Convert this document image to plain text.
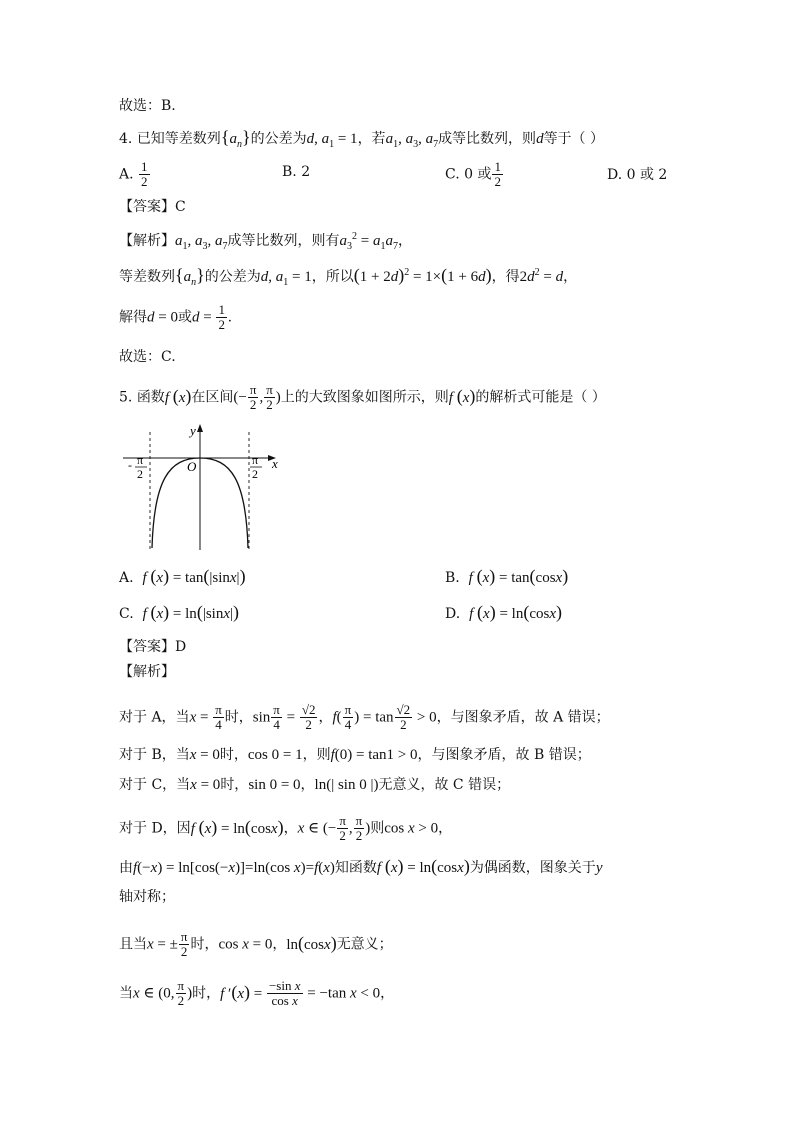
故选：B.
4. 已知等差数列$\{a_n\}$的公差为d, $a_1 = 1$，若$a_1$, $a_3$, $a_7$成等比数列，则d等于（ ）
A. $\frac{1}{2}$	B. 2	C. 0 或 $\frac{1}{2}$	D. 0 或 2
【答案】C
【解析】$a_1$, $a_3$, $a_7$成等比数列，则有$a_3^2 = a_1a_7$，
等差数列$\{a_n\}$的公差为d, $a_1 = 1$，所以$(1 + 2d)^2 = 1\times(1 + 6d)$，得$2d^2 = d$，
解得d = 0或$d = \frac{1}{2}$ .
故选：C.
5. 函数f (x)在区间(− $\frac{\pi}{2}$ , $\frac{\pi}{2}$ )上的大致图象如图所示，则f (x)的解析式可能是（ ）
y
x
O
- π
2
π
2
A. f (x) = tan(|sinx|)	B. f (x) = tan(cosx)
C. f (x) = ln(|sinx|)	D. f (x) = ln(cosx)
【答案】D
【解析】
对于 A，当$x = \frac{\pi}{4}$ 时，$\sin \frac{\pi}{4} = \frac{√2}{2}$ ，$f( \frac{\pi}{4}$ ) = $\tan \frac{√2}{2} > 0$，与图象矛盾，故 A 错误；
对于 B，当x = 0时，cos 0 = 1，则f(0) = tan1 > 0，与图象矛盾，故 B 错误；
对于 C，当x = 0时，sin 0 = 0，ln(| sin 0 |)无意义，故 C 错误；
对于 D，因f (x) = ln(cosx)，x ∈ (− $\frac{\pi}{2}$ , $\frac{\pi}{2}$ )则cos x > 0，
由f(−x) = ln[cos(−x)]=ln(cos x)=f(x)知函数f (x) = ln(cosx)为偶函数，图象关于y
轴对称；
且当x = ± $\frac{\pi}{2}$ 时，cos x = 0，ln(cosx)无意义；
当x ∈ (0, $\frac{\pi}{2}$ )时，f $'(x) = \frac{\text{−sin x}}{\text{cos x}} = -\tan$ x < 0，
